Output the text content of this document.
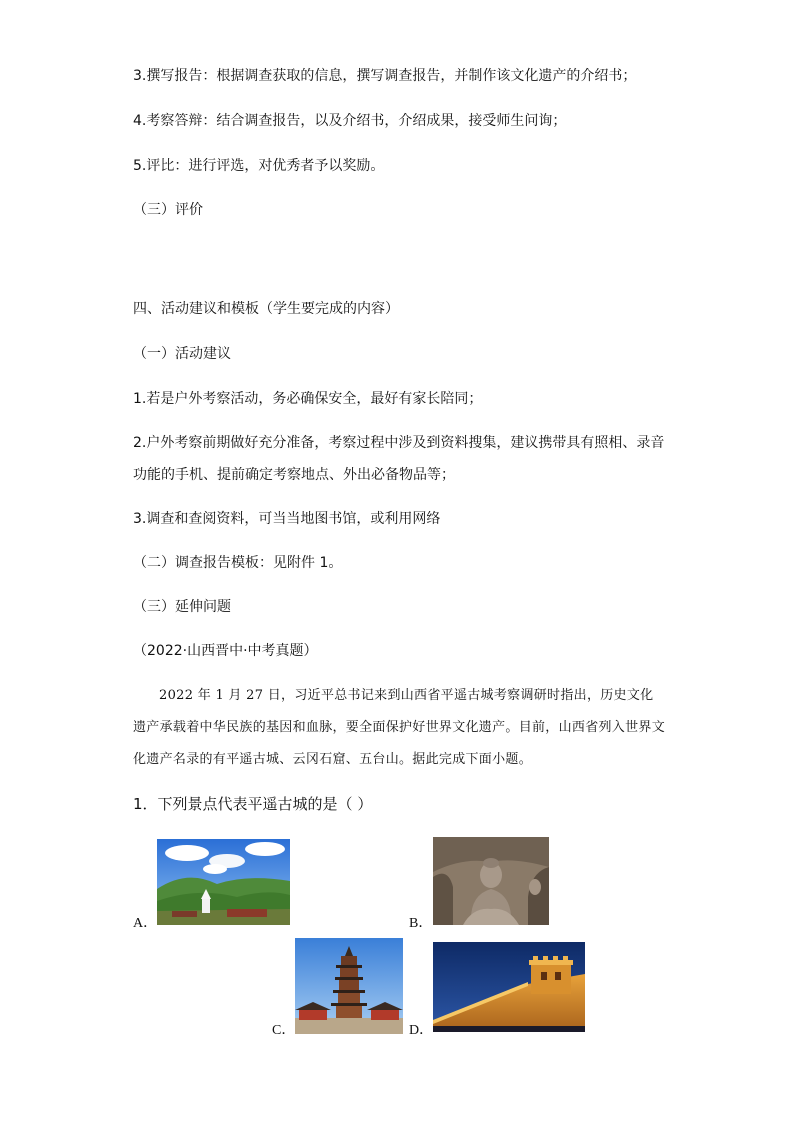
3.撰写报告：根据调查获取的信息，撰写调查报告，并制作该文化遗产的介绍书；
4.考察答辩：结合调查报告，以及介绍书，介绍成果，接受师生问询；
5.评比：进行评选，对优秀者予以奖励。
（三）评价
四、活动建议和模板（学生要完成的内容）
（一）活动建议
1.若是户外考察活动，务必确保安全，最好有家长陪同；
2.户外考察前期做好充分准备，考察过程中涉及到资料搜集，建议携带具有照相、录音
功能的手机、提前确定考察地点、外出必备物品等；
3.调查和查阅资料，可当当地图书馆，或利用网络
（二）调查报告模板：见附件 1。
（三）延伸问题
（2022·山西晋中·中考真题）
2022 年 1 月 27 日，习近平总书记来到山西省平遥古城考察调研时指出，历史文化遗产承载着中华民族的基因和血脉，要全面保护好世界文化遗产。目前，山西省列入世界文化遗产名录的有平遥古城、云冈石窟、五台山。据此完成下面小题。
1．下列景点代表平遥古城的是（ ）
A．	B．
C．	D．
